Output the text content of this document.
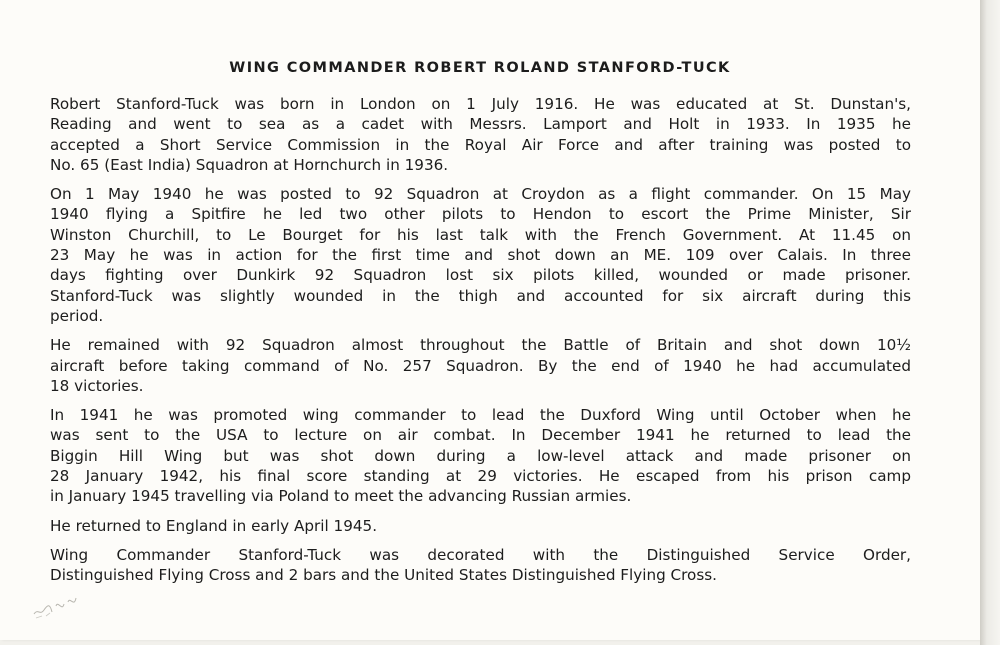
WING COMMANDER ROBERT ROLAND STANFORD-TUCK

Robert Stanford-Tuck was born in London on 1 July 1916. He was educated at St. Dunstan's,
Reading and went to sea as a cadet with Messrs. Lamport and Holt in 1933. In 1935 he
accepted a Short Service Commission in the Royal Air Force and after training was posted to
No. 65 (East India) Squadron at Hornchurch in 1936.

On 1 May 1940 he was posted to 92 Squadron at Croydon as a flight commander. On 15 May
1940 flying a Spitfire he led two other pilots to Hendon to escort the Prime Minister, Sir
Winston Churchill, to Le Bourget for his last talk with the French Government. At 11.45 on
23 May he was in action for the first time and shot down an ME. 109 over Calais. In three
days fighting over Dunkirk 92 Squadron lost six pilots killed, wounded or made prisoner.
Stanford-Tuck was slightly wounded in the thigh and accounted for six aircraft during this
period.

He remained with 92 Squadron almost throughout the Battle of Britain and shot down 10½
aircraft before taking command of No. 257 Squadron. By the end of 1940 he had accumulated
18 victories.

In 1941 he was promoted wing commander to lead the Duxford Wing until October when he
was sent to the USA to lecture on air combat. In December 1941 he returned to lead the
Biggin Hill Wing but was shot down during a low-level attack and made prisoner on
28 January 1942, his final score standing at 29 victories. He escaped from his prison camp
in January 1945 travelling via Poland to meet the advancing Russian armies.

He returned to England in early April 1945.

Wing Commander Stanford-Tuck was decorated with the Distinguished Service Order,
Distinguished Flying Cross and 2 bars and the United States Distinguished Flying Cross.
